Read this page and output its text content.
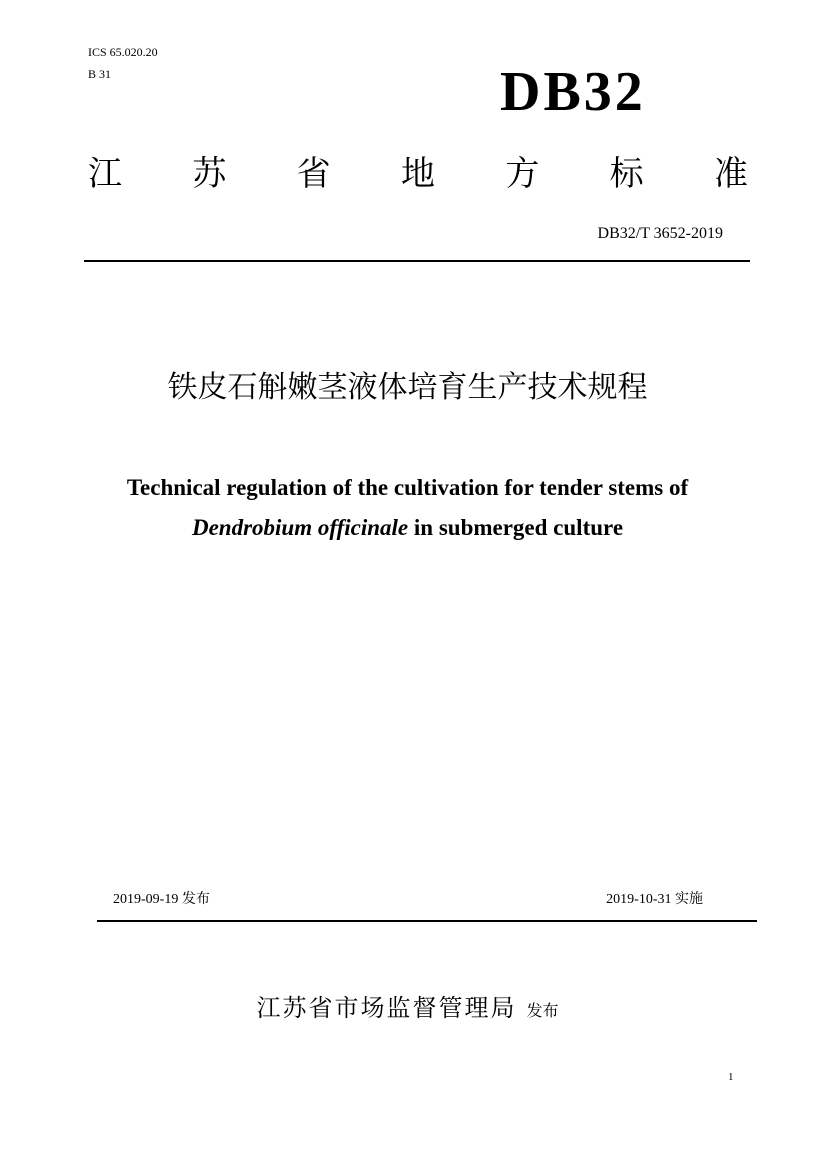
ICS 65.020.20
B 31	DB32
江 苏 省 地 方 标 准
DB32/T 3652-2019
铁皮石斛嫩茎液体培育生产技术规程
Technical regulation of the cultivation for tender stems of
Dendrobium officinale in submerged culture
2019-09-19 发布	2019-10-31 实施
江苏省市场监督管理局 发布
1
